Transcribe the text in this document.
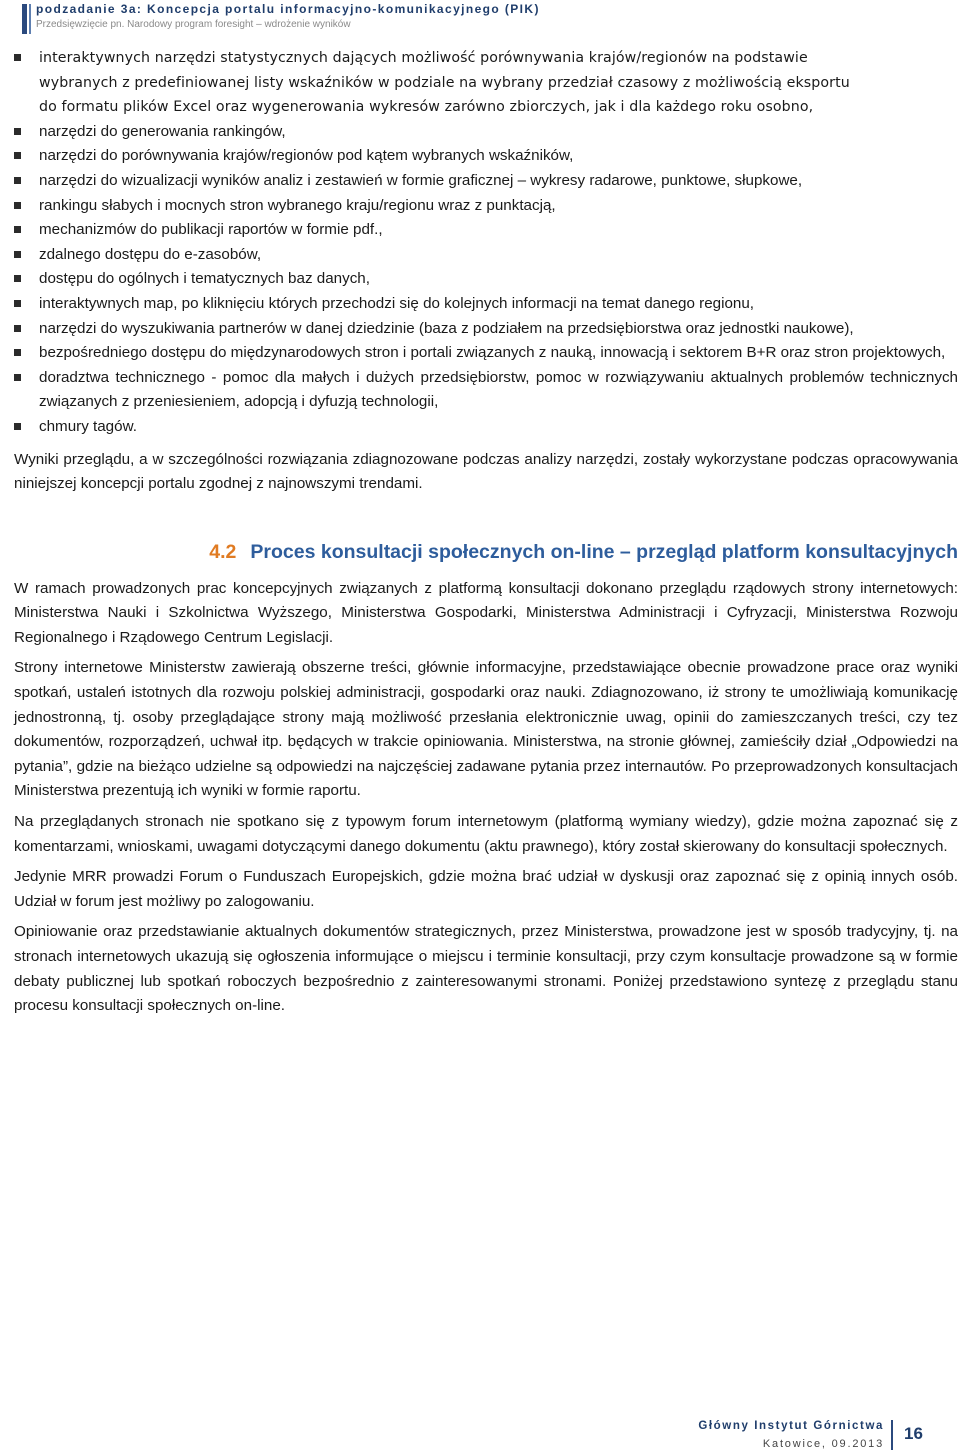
podzadanie 3a: Koncepcja portalu informacyjno-komunikacyjnego (PIK)
Przedsięwzięcie pn. Narodowy program foresight – wdrożenie wyników
interaktywnych narzędzi statystycznych dających możliwość porównywania krajów/regionów na podstawie
wybranych z predefiniowanej listy wskaźników w podziale na wybrany przedział czasowy z możliwością eksportu
do formatu plików Excel oraz wygenerowania wykresów zarówno zbiorczych, jak i dla każdego roku osobno,
narzędzi do generowania rankingów,
narzędzi do porównywania krajów/regionów pod kątem wybranych wskaźników,
narzędzi do wizualizacji wyników analiz i zestawień w formie graficznej – wykresy radarowe, punktowe, słupkowe,
rankingu słabych i mocnych stron wybranego kraju/regionu wraz z punktacją,
mechanizmów do publikacji raportów w formie pdf.,
zdalnego dostępu do e-zasobów,
dostępu do ogólnych i tematycznych baz danych,
interaktywnych map, po kliknięciu których przechodzi się do kolejnych informacji na temat danego regionu,
narzędzi do wyszukiwania partnerów w danej dziedzinie (baza z podziałem na przedsiębiorstwa oraz jednostki naukowe),
bezpośredniego dostępu do międzynarodowych stron i portali związanych z nauką, innowacją i sektorem B+R oraz stron projektowych,
doradztwa technicznego - pomoc dla małych i dużych przedsiębiorstw, pomoc w rozwiązywaniu aktualnych problemów technicznych związanych z przeniesieniem, adopcją i dyfuzją technologii,
chmury tagów.

Wyniki przeglądu, a w szczególności rozwiązania zdiagnozowane podczas analizy narzędzi, zostały wykorzystane podczas opracowywania niniejszej koncepcji portalu zgodnej z najnowszymi trendami.

4.2 Proces konsultacji społecznych on-line – przegląd platform konsultacyjnych

W ramach prowadzonych prac koncepcyjnych związanych z platformą konsultacji dokonano przeglądu rządowych strony internetowych: Ministerstwa Nauki i Szkolnictwa Wyższego, Ministerstwa Gospodarki, Ministerstwa Administracji i Cyfryzacji, Ministerstwa Rozwoju Regionalnego i Rządowego Centrum Legislacji.

Strony internetowe Ministerstw zawierają obszerne treści, głównie informacyjne, przedstawiające obecnie prowadzone prace oraz wyniki spotkań, ustaleń istotnych dla rozwoju polskiej administracji, gospodarki oraz nauki. Zdiagnozowano, iż strony te umożliwiają komunikację jednostronną, tj. osoby przeglądające strony mają możliwość przesłania elektronicznie uwag, opinii do zamieszczanych treści, czy tez dokumentów, rozporządzeń, uchwał itp. będących w trakcie opiniowania. Ministerstwa, na stronie głównej, zamieściły dział „Odpowiedzi na pytania”, gdzie na bieżąco udzielne są odpowiedzi na najczęściej zadawane pytania przez internautów. Po przeprowadzonych konsultacjach Ministerstwa prezentują ich wyniki w formie raportu.

Na przeglądanych stronach nie spotkano się z typowym forum internetowym (platformą wymiany wiedzy), gdzie można zapoznać się z komentarzami, wnioskami, uwagami dotyczącymi danego dokumentu (aktu prawnego), który został skierowany do konsultacji społecznych.

Jedynie MRR prowadzi Forum o Funduszach Europejskich, gdzie można brać udział w dyskusji oraz zapoznać się z opinią innych osób. Udział w forum jest możliwy po zalogowaniu.

Opiniowanie oraz przedstawianie aktualnych dokumentów strategicznych, przez Ministerstwa, prowadzone jest w sposób tradycyjny, tj. na stronach internetowych ukazują się ogłoszenia informujące o miejscu i terminie konsultacji, przy czym konsultacje prowadzone są w formie debaty publicznej lub spotkań roboczych bezpośrednio z zainteresowanymi stronami. Poniżej przedstawiono syntezę z przeglądu stanu procesu konsultacji społecznych on-line.

Główny Instytut Górnictwa
Katowice, 09.2013
16
